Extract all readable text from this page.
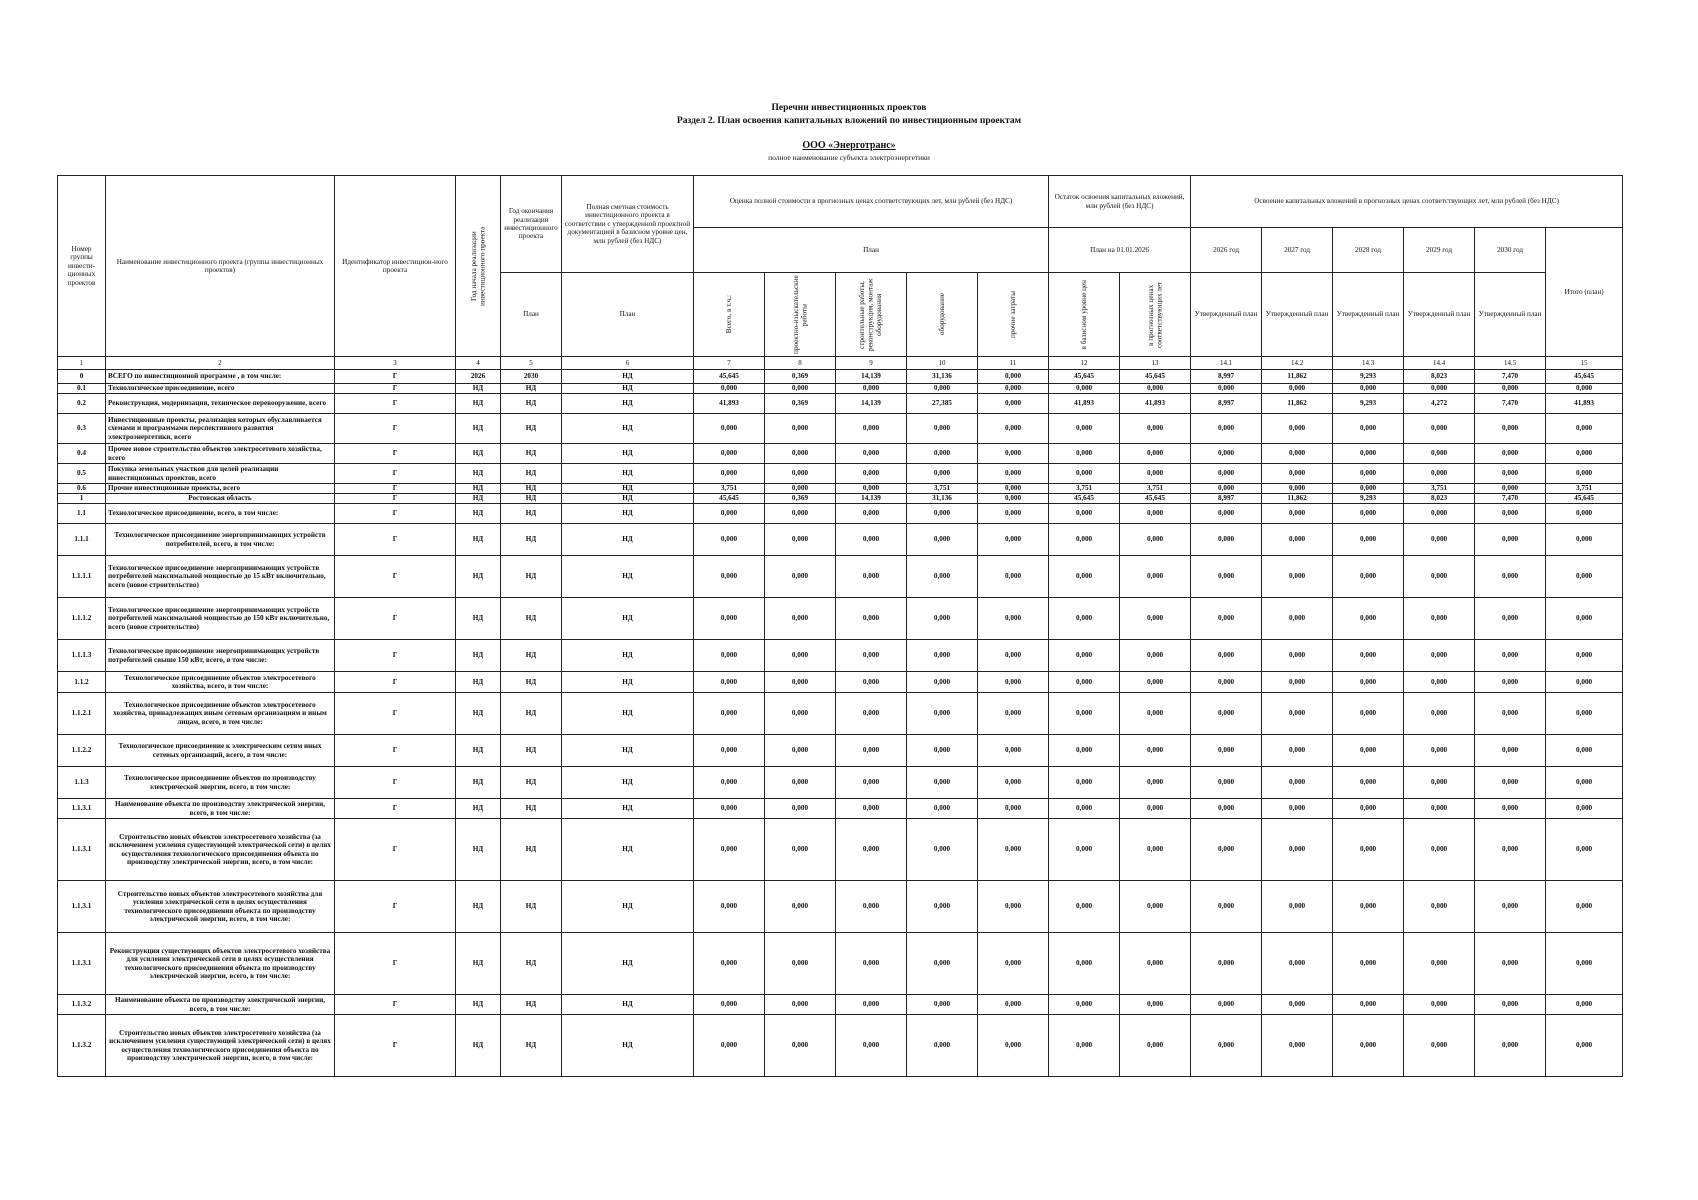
Перечни инвестиционных проектов
Раздел 2. План освоения капитальных вложений по инвестиционным проектам
ООО «Энерготранс»
полное наименование субъекта электроэнергетики
Номер группы инвести-ционных проектов	Наименование инвестиционного проекта (группы инвестиционных проектов)	Идентификатор инвестицион-ного проекта	Год начала реализации инвестиционного проекта	Год окончания реализации инвестиционного проекта	Полная сметная стоимость инвестиционного проекта в соответствии с утвержденной проектной документацией в базисном уровне цен, млн рублей (без НДС)	Оценка полной стоимости в прогнозных ценах соответствующих лет, млн рублей (без НДС)					Остаток освоения капитальных вложений, млн рублей (без НДС)		Освоение капитальных вложений в прогнозных ценах соответствующих лет, млн рублей (без НДС)					
						План					План на 01.01.2026		2026 год	2027 год	2028 год	2029 год	2030 год	Итого (план)
				План	План	Всего, в т.ч.:	проектно-изыскательские работы	строительные работы, реконструкция, монтаж оборудования	оборудование	прочие затраты	в базисном уровне цен	в прогнозных ценах соответствующих лет	Утвержденный план	Утвержденный план	Утвержденный план	Утвержденный план	Утвержденный план	
1	2	3	4	5	6	7	8	9	10	11	12	13	14.1	14.2	14.3	14.4	14.5	15
0	ВСЕГО по инвестиционной программе , в том числе:	Г	2026	2030	НД	45,645	0,369	14,139	31,136	0,000	45,645	45,645	8,997	11,862	9,293	8,023	7,470	45,645
0.1	Технологическое присоединение, всего	Г	НД	НД	НД	0,000	0,000	0,000	0,000	0,000	0,000	0,000	0,000	0,000	0,000	0,000	0,000	0,000
0.2	Реконструкция, модернизация, техническое перевооружение, всего	Г	НД	НД	НД	41,893	0,369	14,139	27,385	0,000	41,893	41,893	8,997	11,862	9,293	4,272	7,470	41,893
0.3	Инвестиционные проекты, реализация которых обуславливается схемами и программами перспективного развития электроэнергетики, всего	Г	НД	НД	НД	0,000	0,000	0,000	0,000	0,000	0,000	0,000	0,000	0,000	0,000	0,000	0,000	0,000
0.4	Прочее новое строительство объектов электросетевого хозяйства, всего	Г	НД	НД	НД	0,000	0,000	0,000	0,000	0,000	0,000	0,000	0,000	0,000	0,000	0,000	0,000	0,000
0.5	Покупка земельных участков для целей реализации инвестиционных проектов, всего	Г	НД	НД	НД	0,000	0,000	0,000	0,000	0,000	0,000	0,000	0,000	0,000	0,000	0,000	0,000	0,000
0.6	Прочие инвестиционные проекты, всего	Г	НД	НД	НД	3,751	0,000	0,000	3,751	0,000	3,751	3,751	0,000	0,000	0,000	3,751	0,000	3,751
1	Ростовская область	Г	НД	НД	НД	45,645	0,369	14,139	31,136	0,000	45,645	45,645	8,997	11,862	9,293	8,023	7,470	45,645
1.1	Технологическое присоединение, всего, в том числе:	Г	НД	НД	НД	0,000	0,000	0,000	0,000	0,000	0,000	0,000	0,000	0,000	0,000	0,000	0,000	0,000
1.1.1	Технологическое присоединение энергопринимающих устройств потребителей, всего, в том числе:	Г	НД	НД	НД	0,000	0,000	0,000	0,000	0,000	0,000	0,000	0,000	0,000	0,000	0,000	0,000	0,000
1.1.1.1	Технологическое присоединение энергопринимающих устройств потребителей максимальной мощностью до 15 кВт включительно, всего (новое строительство)	Г	НД	НД	НД	0,000	0,000	0,000	0,000	0,000	0,000	0,000	0,000	0,000	0,000	0,000	0,000	0,000
1.1.1.2	Технологическое присоединение энергопринимающих устройств потребителей максимальной мощностью до 150 кВт включительно, всего (новое строительство)	Г	НД	НД	НД	0,000	0,000	0,000	0,000	0,000	0,000	0,000	0,000	0,000	0,000	0,000	0,000	0,000
1.1.1.3	Технологическое присоединение энергопринимающих устройств потребителей свыше 150 кВт, всего, в том числе:	Г	НД	НД	НД	0,000	0,000	0,000	0,000	0,000	0,000	0,000	0,000	0,000	0,000	0,000	0,000	0,000
1.1.2	Технологическое присоединение объектов электросетевого хозяйства, всего, в том числе:	Г	НД	НД	НД	0,000	0,000	0,000	0,000	0,000	0,000	0,000	0,000	0,000	0,000	0,000	0,000	0,000
1.1.2.1	Технологическое присоединение объектов электросетевого хозяйства, принадлежащих иным сетевым организациям и иным лицам, всего, в том числе:	Г	НД	НД	НД	0,000	0,000	0,000	0,000	0,000	0,000	0,000	0,000	0,000	0,000	0,000	0,000	0,000
1.1.2.2	Технологическое присоединение к электрическим сетям иных сетевых организаций, всего, в том числе:	Г	НД	НД	НД	0,000	0,000	0,000	0,000	0,000	0,000	0,000	0,000	0,000	0,000	0,000	0,000	0,000
1.1.3	Технологическое присоединение объектов по производству электрической энергии, всего, в том числе:	Г	НД	НД	НД	0,000	0,000	0,000	0,000	0,000	0,000	0,000	0,000	0,000	0,000	0,000	0,000	0,000
1.1.3.1	Наименование объекта по производству электрической энергии, всего, в том числе:	Г	НД	НД	НД	0,000	0,000	0,000	0,000	0,000	0,000	0,000	0,000	0,000	0,000	0,000	0,000	0,000
1.1.3.1	Строительство новых объектов электросетевого хозяйства (за исключением усиления существующей электрической сети) в целях осуществления технологического присоединения объекта по производству электрической энергии, всего, в том числе:	Г	НД	НД	НД	0,000	0,000	0,000	0,000	0,000	0,000	0,000	0,000	0,000	0,000	0,000	0,000	0,000
1.1.3.1	Строительство новых объектов электросетевого хозяйства для усиления электрической сети в целях осуществления технологического присоединения объекта по производству электрической энергии, всего, в том числе:	Г	НД	НД	НД	0,000	0,000	0,000	0,000	0,000	0,000	0,000	0,000	0,000	0,000	0,000	0,000	0,000
1.1.3.1	Реконструкция существующих объектов электросетевого хозяйства для усиления электрической сети в целях осуществления технологического присоединения объекта по производству электрической энергии, всего, в том числе:	Г	НД	НД	НД	0,000	0,000	0,000	0,000	0,000	0,000	0,000	0,000	0,000	0,000	0,000	0,000	0,000
1.1.3.2	Наименование объекта по производству электрической энергии, всего, в том числе:	Г	НД	НД	НД	0,000	0,000	0,000	0,000	0,000	0,000	0,000	0,000	0,000	0,000	0,000	0,000	0,000
1.1.3.2	Строительство новых объектов электросетевого хозяйства (за исключением усиления существующей электрической сети) в целях осуществления технологического присоединения объекта по производству электрической энергии, всего, в том числе:	Г	НД	НД	НД	0,000	0,000	0,000	0,000	0,000	0,000	0,000	0,000	0,000	0,000	0,000	0,000	0,000
